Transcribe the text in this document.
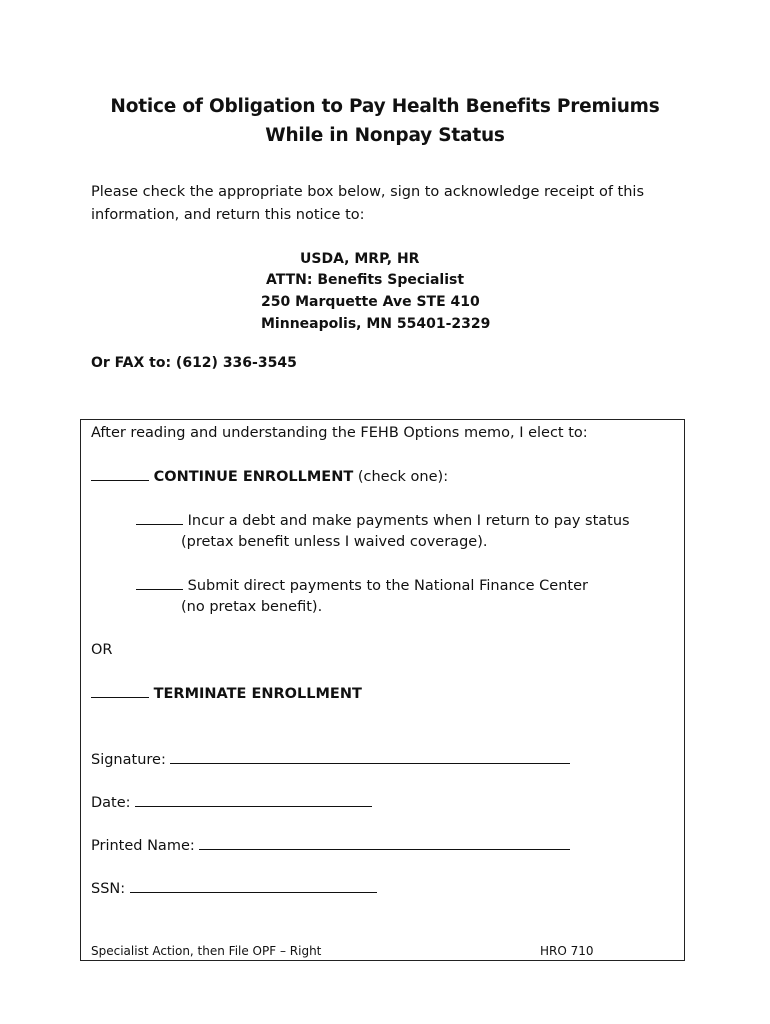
Notice of Obligation to Pay Health Benefits Premiums
While in Nonpay Status

Please check the appropriate box below, sign to acknowledge receipt of this information, and return this notice to:

USDA, MRP, HR
ATTN: Benefits Specialist
250 Marquette Ave STE 410
Minneapolis, MN 55401-2329
Or FAX to: (612) 336-3545
After reading and understanding the FEHB Options memo, I elect to:
CONTINUE ENROLLMENT (check one):
Incur a debt and make payments when I return to pay status
(pretax benefit unless I waived coverage).
Submit direct payments to the National Finance Center
(no pretax benefit).
OR
TERMINATE ENROLLMENT
Signature:
Date:
Printed Name:
SSN:
Specialist Action, then File OPF – Right	HRO 710
